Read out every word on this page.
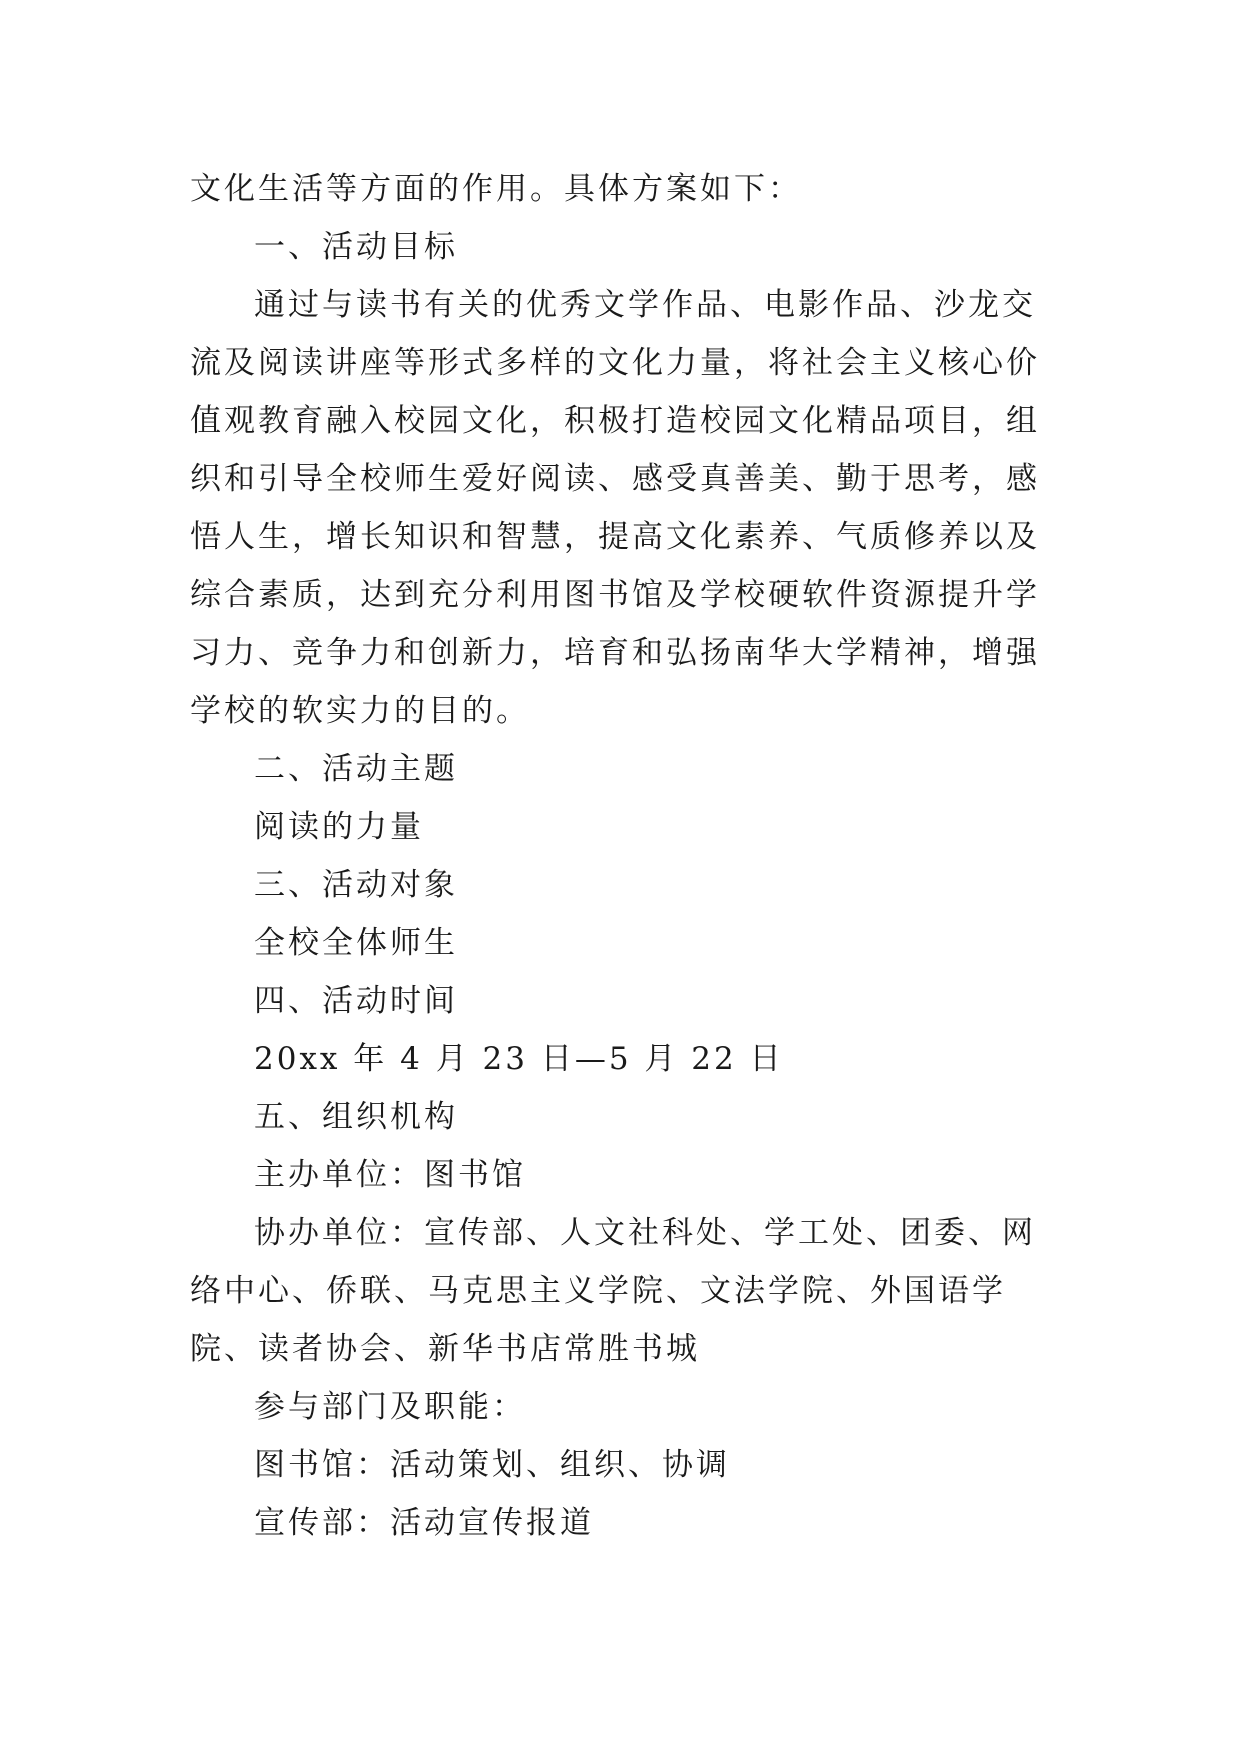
文化生活等方面的作用。具体方案如下：

一、活动目标

通过与读书有关的优秀文学作品、电影作品、沙龙交流及阅读讲座等形式多样的文化力量，将社会主义核心价值观教育融入校园文化，积极打造校园文化精品项目，组织和引导全校师生爱好阅读、感受真善美、勤于思考，感悟人生，增长知识和智慧，提高文化素养、气质修养以及综合素质，达到充分利用图书馆及学校硬软件资源提升学习力、竞争力和创新力，培育和弘扬南华大学精神，增强学校的软实力的目的。

二、活动主题

阅读的力量

三、活动对象

全校全体师生

四、活动时间

20xx 年 4 月 23 日—5 月 22 日

五、组织机构

主办单位：图书馆

协办单位：宣传部、人文社科处、学工处、团委、网络中心、侨联、马克思主义学院、文法学院、外国语学院、读者协会、新华书店常胜书城

参与部门及职能：

图书馆：活动策划、组织、协调

宣传部：活动宣传报道
